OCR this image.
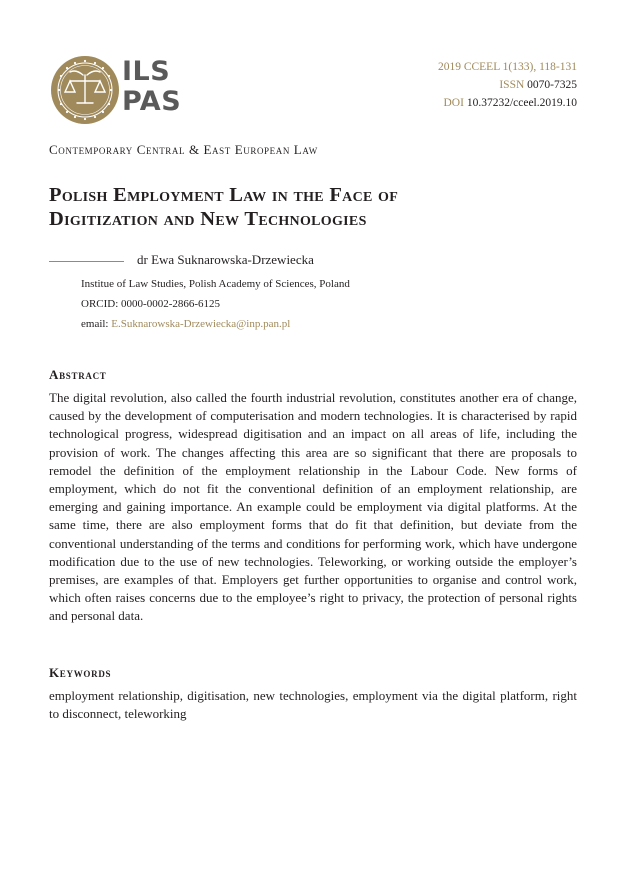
ILS
PAS
2019 CCEEL 1(133), 118-131
ISSN 0070-7325
DOI 10.37232/cceel.2019.10
Contemporary Central & East European Law
Polish Employment Law in the Face of
Digitization and New Technologies
dr Ewa Suknarowska-Drzewiecka
Institue of Law Studies, Polish Academy of Sciences, Poland
ORCID: 0000-0002-2866-6125
email: E.Suknarowska-Drzewiecka@inp.pan.pl
Abstract
The digital revolution, also called the fourth industrial revolution, constitutes another era of change, caused by the development of computerisation and modern technologies. It is characterised by rapid technological progress, widespread digitisation and an impact on all areas of life, including the provision of work. The changes affecting this area are so significant that there are proposals to remodel the definition of the employment relationship in the Labour Code. New forms of employment, which do not fit the conventional definition of an employment relationship, are emerging and gaining importance. An example could be employment via digital platforms. At the same time, there are also employment forms that do fit that definition, but deviate from the conventional understanding of the terms and conditions for performing work, which have undergone modification due to the use of new technologies. Teleworking, or working outside the employer’s premises, are examples of that. Employers get further opportunities to organise and control work, which often raises concerns due to the employee’s right to privacy, the protection of personal rights and personal data.
Keywords
employment relationship, digitisation, new technologies, employment via the digital platform, right to disconnect, teleworking
